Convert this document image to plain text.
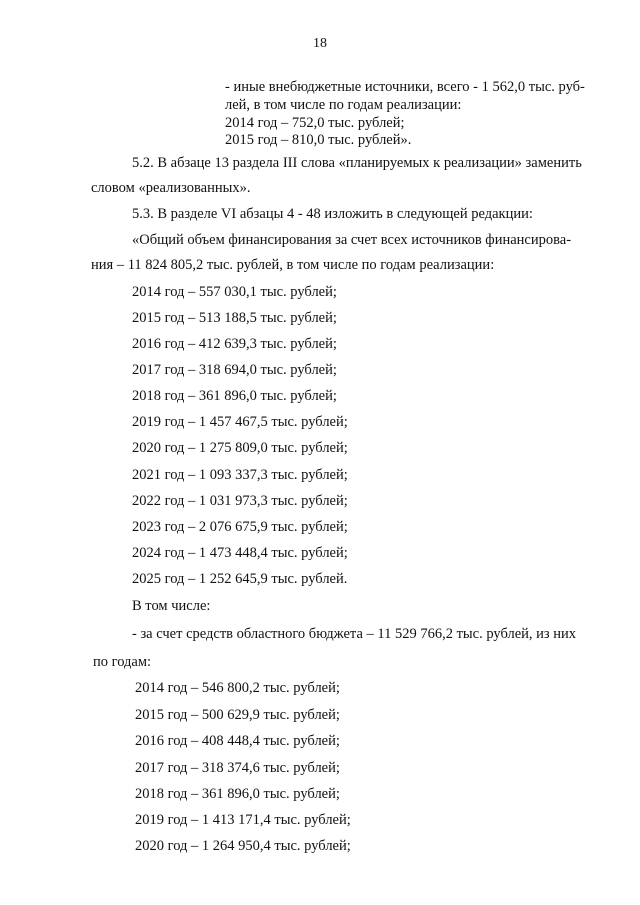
18
- иные внебюджетные источники, всего - 1 562,0 тыс. руб-
лей, в том числе по годам реализации:
2014 год – 752,0 тыс. рублей;
2015 год – 810,0 тыс. рублей».
5.2. В абзаце 13 раздела III слова «планируемых к реализации» заменить
словом «реализованных».
5.3. В разделе VI абзацы 4 - 48 изложить в следующей редакции:
«Общий объем финансирования за счет всех источников финансирова-
ния – 11 824 805,2 тыс. рублей, в том числе по годам реализации:
2014 год – 557 030,1 тыс. рублей;
2015 год – 513 188,5 тыс. рублей;
2016 год – 412 639,3 тыс. рублей;
2017 год – 318 694,0 тыс. рублей;
2018 год – 361 896,0 тыс. рублей;
2019 год – 1 457 467,5 тыс. рублей;
2020 год – 1 275 809,0 тыс. рублей;
2021 год – 1 093 337,3 тыс. рублей;
2022 год – 1 031 973,3 тыс. рублей;
2023 год – 2 076 675,9 тыс. рублей;
2024 год – 1 473 448,4 тыс. рублей;
2025 год – 1 252 645,9 тыс. рублей.
В том числе:
- за счет средств областного бюджета – 11 529 766,2 тыс. рублей, из них
по годам:
2014 год – 546 800,2 тыс. рублей;
2015 год – 500 629,9 тыс. рублей;
2016 год – 408 448,4 тыс. рублей;
2017 год – 318 374,6 тыс. рублей;
2018 год – 361 896,0 тыс. рублей;
2019 год – 1 413 171,4 тыс. рублей;
2020 год – 1 264 950,4 тыс. рублей;
